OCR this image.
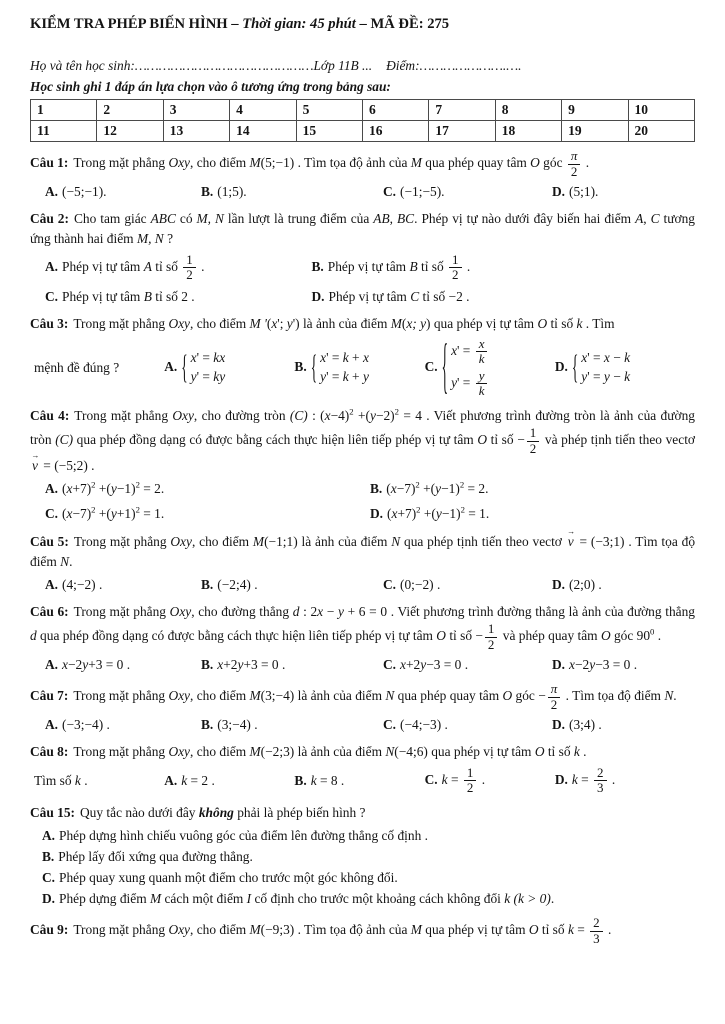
KIỂM TRA PHÉP BIẾN HÌNH – Thời gian: 45 phút – MÃ ĐỀ: 275
Họ và tên học sinh:………………………………………Lớp 11B ... Điểm:………………….….
Học sinh ghi 1 đáp án lựa chọn vào ô tương ứng trong bảng sau:
1	2	3	4	5	6	7	8	9	10
11	12	13	14	15	16	17	18	19	20
Câu 1: Trong mặt phẳng Oxy, cho điểm M(5;−1) . Tìm tọa độ ảnh của M qua phép quay tâm O góc $\frac{\pi}{2}$ .
A. (−5;−1).	B. (1;5).	C. (−1;−5).	D. (5;1).
Câu 2: Cho tam giác ABC có M, N lần lượt là trung điểm của AB, BC. Phép vị tự nào dưới đây biến hai điểm A, C tương ứng thành hai điểm M, N ?
A. Phép vị tự tâm A tỉ số $\frac{1}{2}$ .	B. Phép vị tự tâm B tỉ số $\frac{1}{2}$ .
C. Phép vị tự tâm B tỉ số 2 .	D. Phép vị tự tâm C tỉ số −2 .
Câu 3: Trong mặt phẳng Oxy, cho điểm M '(x'; y') là ảnh của điểm M(x; y) qua phép vị tự tâm O tỉ số k . Tìm
mệnh đề đúng ?	A. { x' = kx
y' = ky
B. { x' = k + x
y' = k + y
C. { $x' = \frac{x}{k}$
$y' = \frac{y}{k}$
D. { x' = x − k
y' = y − k
Câu 4: Trong mặt phẳng Oxy, cho đường tròn (C) : $(x-4)^2 +(y-2)^2 = 4$ . Viết phương trình đường tròn là ảnh của đường tròn (C) qua phép đồng dạng có được bằng cách thực hiện liên tiếp phép vị tự tâm O tỉ số − $\frac{1}{2}$ và phép tịnh tiến theo vectơ v → = (−5;2) .
A. $(x+7)^2 +(y-1)^2 = 2$.	B. $(x-7)^2 +(y-1)^2 = 2$.
C. $(x-7)^2 +(y+1)^2 = 1$.	D. $(x+7)^2 +(y-1)^2 = 1$.
Câu 5: Trong mặt phẳng Oxy, cho điểm M(−1;1) là ảnh của điểm N qua phép tịnh tiến theo vectơ v → = (−3;1) . Tìm tọa độ điểm N.
A. (4;−2) .	B. (−2;4) .	C. (0;−2) .	D. (2;0) .
Câu 6: Trong mặt phẳng Oxy, cho đường thẳng d : 2x − y + 6 = 0 . Viết phương trình đường thẳng là ảnh của đường thẳng d qua phép đồng dạng có được bằng cách thực hiện liên tiếp phép vị tự tâm O tỉ số − $\frac{1}{2}$ và phép quay tâm O góc $90^0$ .
A. x−2y+3 = 0 .	B. x+2y+3 = 0 .	C. x+2y−3 = 0 .	D. x−2y−3 = 0 .
Câu 7: Trong mặt phẳng Oxy, cho điểm M(3;−4) là ảnh của điểm N qua phép quay tâm O góc − $\frac{\pi}{2}$ . Tìm tọa độ điểm N.
A. (−3;−4) .	B. (3;−4) .	C. (−4;−3) .	D. (3;4) .
Câu 8: Trong mặt phẳng Oxy, cho điểm M(−2;3) là ảnh của điểm N(−4;6) qua phép vị tự tâm O tỉ số k .
Tìm số k .	A. k = 2 .	B. k = 8 .	C. $k = \frac{1}{2}$ .	D. $k = \frac{2}{3}$ .
Câu 15: Quy tắc nào dưới đây không phải là phép biến hình ?
A. Phép dựng hình chiếu vuông góc của điểm lên đường thẳng cố định .
B. Phép lấy đối xứng qua đường thẳng.
C. Phép quay xung quanh một điểm cho trước một góc không đổi.
D. Phép dựng điểm M cách một điểm I cố định cho trước một khoảng cách không đổi k (k > 0).
Câu 9: Trong mặt phẳng Oxy, cho điểm M(−9;3) . Tìm tọa độ ảnh của M qua phép vị tự tâm O tỉ số $k = \frac{2}{3}$ .
